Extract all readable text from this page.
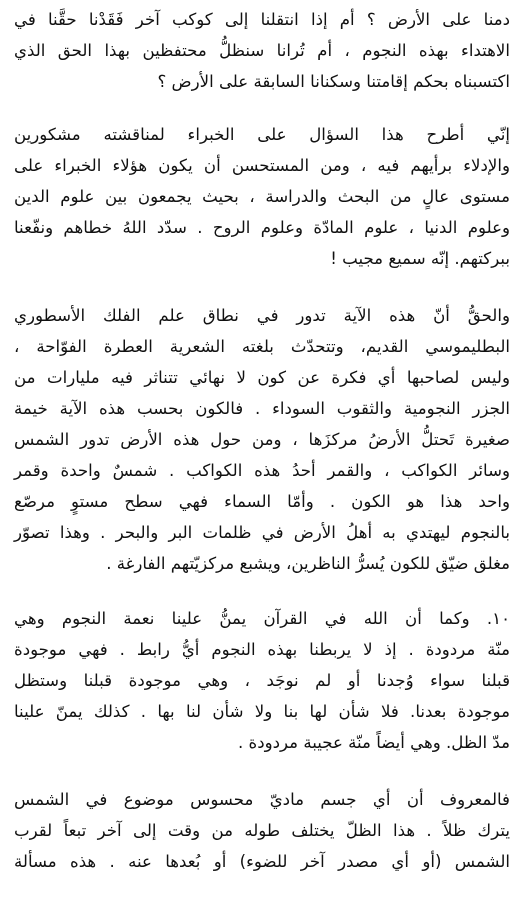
دمنا على الأرض ؟ أم إذا انتقلنا إلى كوكب آخر فَقَدْنا حقَّنا في
الاهتداء بهذه النجوم ، أم تُرانا سنظلُّ محتفظين بهذا الحق الذي
اكتسبناه بحكم إقامتنا وسكنانا السابقة على الأرض ؟
إنّي أطرح هذا السؤال على الخبراء لمناقشته مشكورين
والإدلاء برأيهم فيه ، ومن المستحسن أن يكون هؤلاء الخبراء على
مستوى عالٍ من البحث والدراسة ، بحيث يجمعون بين علوم الدين
وعلوم الدنيا ، علوم المادّة وعلوم الروح . سدّد اللهُ خطاهم ونفّعنا
ببركتهم. إنّه سميع مجيب !
والحقُّ أنّ هذه الآية تدور في نطاق علم الفلك الأسطوري
البطليموسي القديم، وتتحدّث بلغته الشعرية العطرة الفوّاحة ،
وليس لصاحبها أي فكرة عن كون لا نهائي تتناثر فيه مليارات من
الجزر النجومية والثقوب السوداء . فالكون بحسب هذه الآية خيمة
صغيرة تَحتلُّ الأرضُ مركزَها ، ومن حول هذه الأرض تدور الشمس
وسائر الكواكب ، والقمر أحدُ هذه الكواكب . شمسٌ واحدة وقمر
واحد هذا هو الكون . وأمّا السماء فهي سطح مستوٍ مرصّع
بالنجوم ليهتدي به أهلُ الأرض في ظلمات البر والبحر . وهذا تصوّر
مغلق ضيّق للكون يُسرُّ الناظرين، ويشبع مركزيّتهم الفارغة .
١٠. وكما أن الله في القرآن يمنُّ علينا نعمة النجوم وهي
منّة مردودة . إذ لا يربطنا بهذه النجوم أيُّ رابط . فهي موجودة
قبلنا سواء وُجدنا أو لم نوجَد ، وهي موجودة قبلنا وستظل
موجودة بعدنا. فلا شأن لها بنا ولا شأن لنا بها . كذلك يمنّ علينا
مدّ الظل. وهي أيضاً منّة عجيبة مردودة .
فالمعروف أن أي جسم ماديّ محسوس موضوع في الشمس
يترك ظلاً . هذا الظلّ يختلف طوله من وقت إلى آخر تبعاً لقرب
الشمس (أو أي مصدر آخر للضوء) أو بُعدها عنه . هذه مسألة
